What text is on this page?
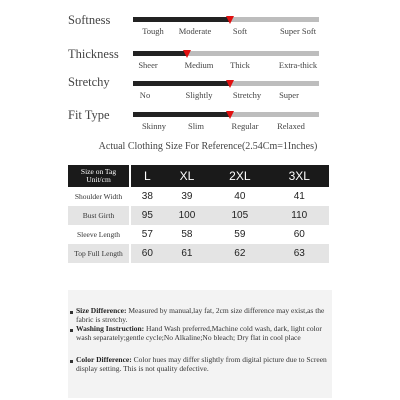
Softness
Tough Moderate	Soft	Super Soft
Thickness
Sheer	Medium Thick	Extra-thick
Stretchy
No	Slightly Stretchy Super
Fit Type
Skinny	Slim	Regular Relaxed
Actual Clothing Size For Reference(2.54Cm=1Inches)
Size on Tag Unit/cm	L	XL	2XL	3XL
Shoulder Width	38	39	40	41
Bust Girth	95	100	105	110
Sleeve Length	57	58	59	60
Top Full Length	60	61	62	63
Size Difference: Measured by manual,lay fat, 2cm size difference may exist,as the fabric is stretchy.
Washing Instruction: Hand Wash preferred,Machine cold wash, dark, light color wash separately;gentle cycle;No Alkaline;No bleach; Dry flat in cool place
Color Difference: Color hues may differ slightly from digital picture due to Screen display setting. This is not quality defective.
